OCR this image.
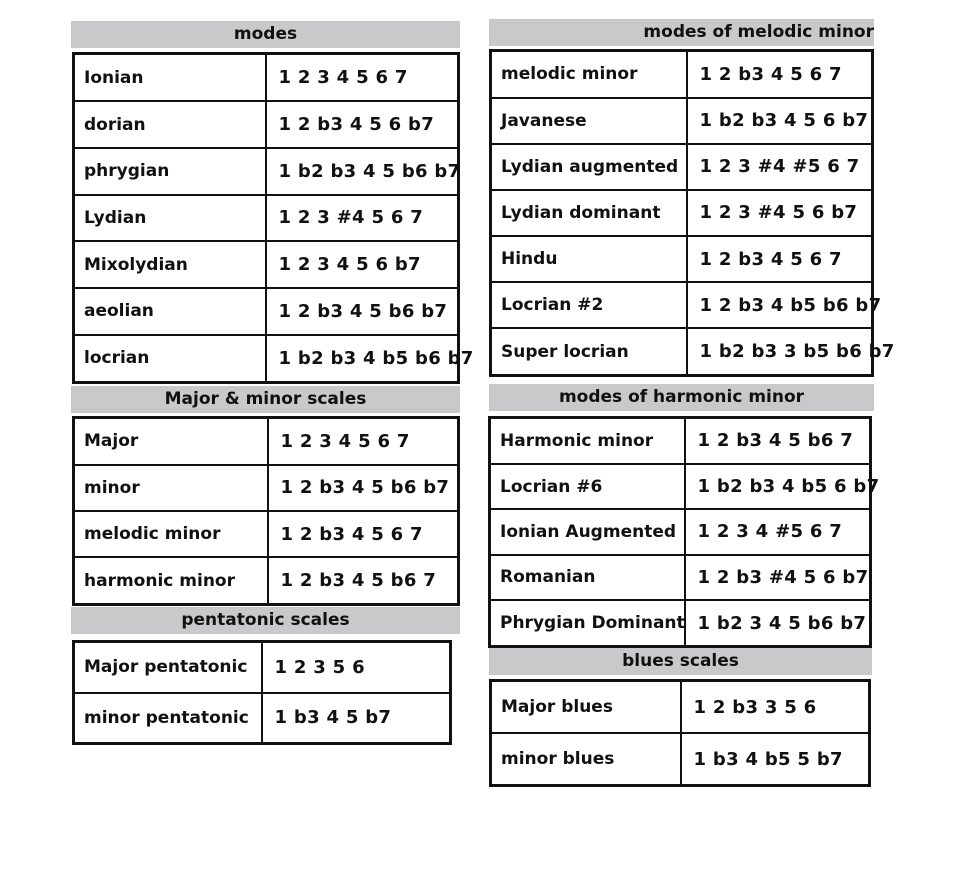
modes
Ionian	1 2 3 4 5 6 7
dorian	1 2 b3 4 5 6 b7
phrygian	1 b2 b3 4 5 b6 b7
Lydian	1 2 3 #4 5 6 7
Mixolydian	1 2 3 4 5 6 b7
aeolian	1 2 b3 4 5 b6 b7
locrian	1 b2 b3 4 b5 b6 b7
Major & minor scales
Major	1 2 3 4 5 6 7
minor	1 2 b3 4 5 b6 b7
melodic minor	1 2 b3 4 5 6 7
harmonic minor	1 2 b3 4 5 b6 7
pentatonic scales
Major pentatonic	1 2 3 5 6
minor pentatonic	1 b3 4 5 b7
modes of melodic minor
melodic minor	1 2 b3 4 5 6 7
Javanese	1 b2 b3 4 5 6 b7
Lydian augmented	1 2 3 #4 #5 6 7
Lydian dominant	1 2 3 #4 5 6 b7
Hindu	1 2 b3 4 5 6 7
Locrian #2	1 2 b3 4 b5 b6 b7
Super locrian	1 b2 b3 3 b5 b6 b7
modes of harmonic minor
Harmonic minor	1 2 b3 4 5 b6 7
Locrian #6	1 b2 b3 4 b5 6 b7
Ionian Augmented	1 2 3 4 #5 6 7
Romanian	1 2 b3 #4 5 6 b7
Phrygian Dominant	1 b2 3 4 5 b6 b7
blues scales
Major blues	1 2 b3 3 5 6
minor blues	1 b3 4 b5 5 b7
